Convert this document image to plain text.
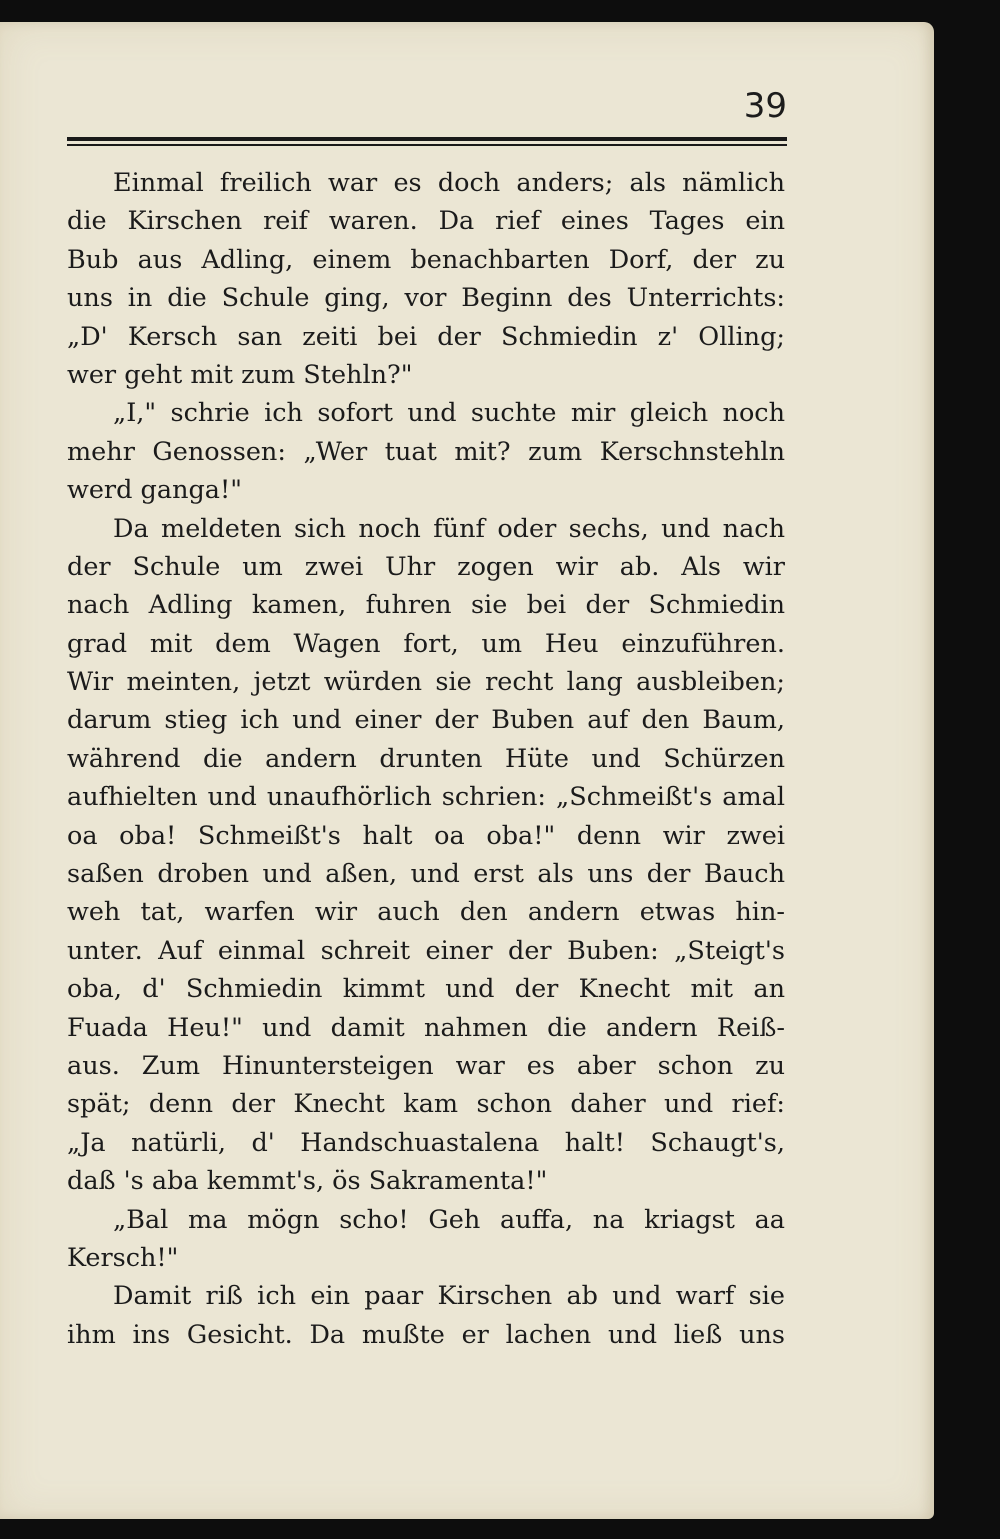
39
Einmal freilich war es doch anders; als nämlich
die Kirschen reif waren. Da rief eines Tages ein
Bub aus Adling, einem benachbarten Dorf, der zu
uns in die Schule ging, vor Beginn des Unterrichts:
„D' Kersch san zeiti bei der Schmiedin z' Olling;
wer geht mit zum Stehln?"
„I," schrie ich sofort und suchte mir gleich noch
mehr Genossen: „Wer tuat mit? zum Kerschnstehln
werd ganga!"
Da meldeten sich noch fünf oder sechs, und nach
der Schule um zwei Uhr zogen wir ab. Als wir
nach Adling kamen, fuhren sie bei der Schmiedin
grad mit dem Wagen fort, um Heu einzuführen.
Wir meinten, jetzt würden sie recht lang ausbleiben;
darum stieg ich und einer der Buben auf den Baum,
während die andern drunten Hüte und Schürzen
aufhielten und unaufhörlich schrien: „Schmeißt's amal
oa oba! Schmeißt's halt oa oba!" denn wir zwei
saßen droben und aßen, und erst als uns der Bauch
weh tat, warfen wir auch den andern etwas hin-
unter. Auf einmal schreit einer der Buben: „Steigt's
oba, d' Schmiedin kimmt und der Knecht mit an
Fuada Heu!" und damit nahmen die andern Reiß-
aus. Zum Hinuntersteigen war es aber schon zu
spät; denn der Knecht kam schon daher und rief:
„Ja natürli, d' Handschuastalena halt! Schaugt's,
daß 's aba kemmt's, ös Sakramenta!"
„Bal ma mögn scho! Geh auffa, na kriagst aa
Kersch!"
Damit riß ich ein paar Kirschen ab und warf sie
ihm ins Gesicht. Da mußte er lachen und ließ uns
